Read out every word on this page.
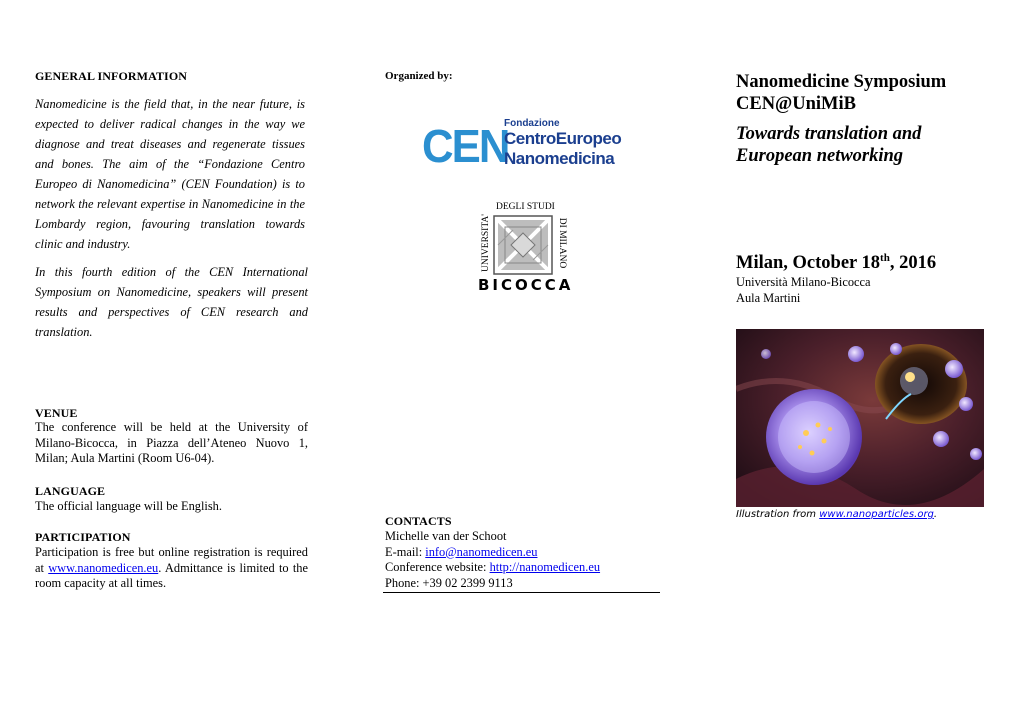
GENERAL INFORMATION
Nanomedicine is the field that, in the near future, is expected to deliver radical changes in the way we diagnose and treat diseases and regenerate tissues and bones. The aim of the “Fondazione Centro Europeo di Nanomedicina” (CEN Foundation) is to network the relevant expertise in Nanomedicine in the Lombardy region, favouring translation towards clinic and industry.
In this fourth edition of the CEN International Symposium on Nanomedicine, speakers will present results and perspectives of CEN research and translation.
VENUE
The conference will be held at the University of Milano-Bicocca, in Piazza dell’Ateneo Nuovo 1, Milan; Aula Martini (Room U6-04).
LANGUAGE
The official language will be English.
PARTICIPATION
Participation is free but online registration is required at www.nanomedicen.eu. Admittance is limited to the room capacity at all times.
Organized by:
CEN
Fondazione
CentroEuropeo
Nanomedicina
UNIVERSITA'
DEGLI STUDI
DI MILANO
BICOCCA
CONTACTS
Michelle van der Schoot
E-mail: info@nanomedicen.eu
Conference website: http://nanomedicen.eu
Phone: +39 02 2399 9113
Nanomedicine Symposium
CEN@UniMiB
Towards translation and
European networking
Milan, October 18th, 2016
Università Milano-Bicocca
Aula Martini
Illustration from www.nanoparticles.org.
